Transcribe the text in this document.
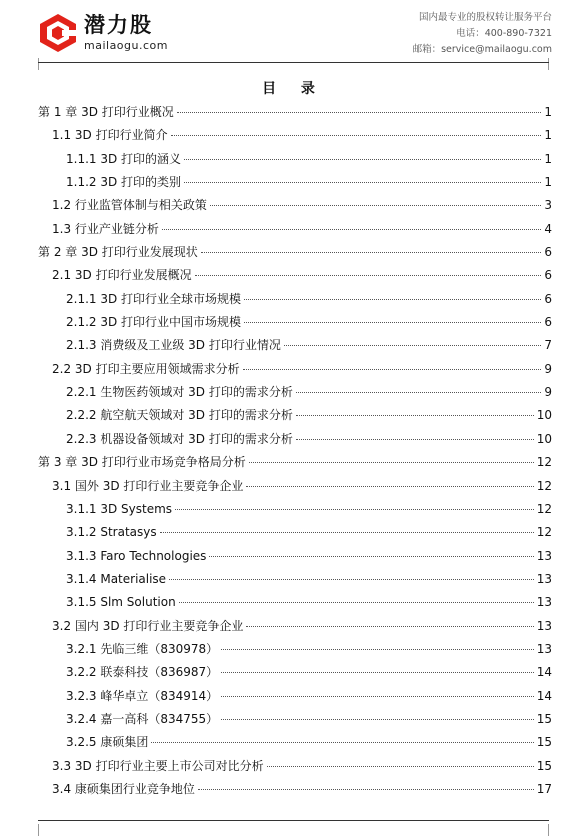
潜力股
mailaogu.com
国内最专业的股权转让服务平台
电话：400-890-7321
邮箱：service@mailaogu.com
目 录
第 1 章 3D 打印行业概况	1
1.1 3D 打印行业简介	1
1.1.1 3D 打印的涵义	1
1.1.2 3D 打印的类别	1
1.2 行业监管体制与相关政策	3
1.3 行业产业链分析	4
第 2 章 3D 打印行业发展现状	6
2.1 3D 打印行业发展概况	6
2.1.1 3D 打印行业全球市场规模	6
2.1.2 3D 打印行业中国市场规模	6
2.1.3 消费级及工业级 3D 打印行业情况	7
2.2 3D 打印主要应用领域需求分析	9
2.2.1 生物医药领域对 3D 打印的需求分析	9
2.2.2 航空航天领域对 3D 打印的需求分析	10
2.2.3 机器设备领域对 3D 打印的需求分析	10
第 3 章 3D 打印行业市场竞争格局分析	12
3.1 国外 3D 打印行业主要竞争企业	12
3.1.1 3D Systems	12
3.1.2 Stratasys	12
3.1.3 Faro Technologies	13
3.1.4 Materialise	13
3.1.5 Slm Solution	13
3.2 国内 3D 打印行业主要竞争企业	13
3.2.1 先临三维（830978）	13
3.2.2 联泰科技（836987）	14
3.2.3 峰华卓立（834914）	14
3.2.4 嘉一高科（834755）	15
3.2.5 康硕集团	15
3.3 3D 打印行业主要上市公司对比分析	15
3.4 康硕集团行业竞争地位	17
